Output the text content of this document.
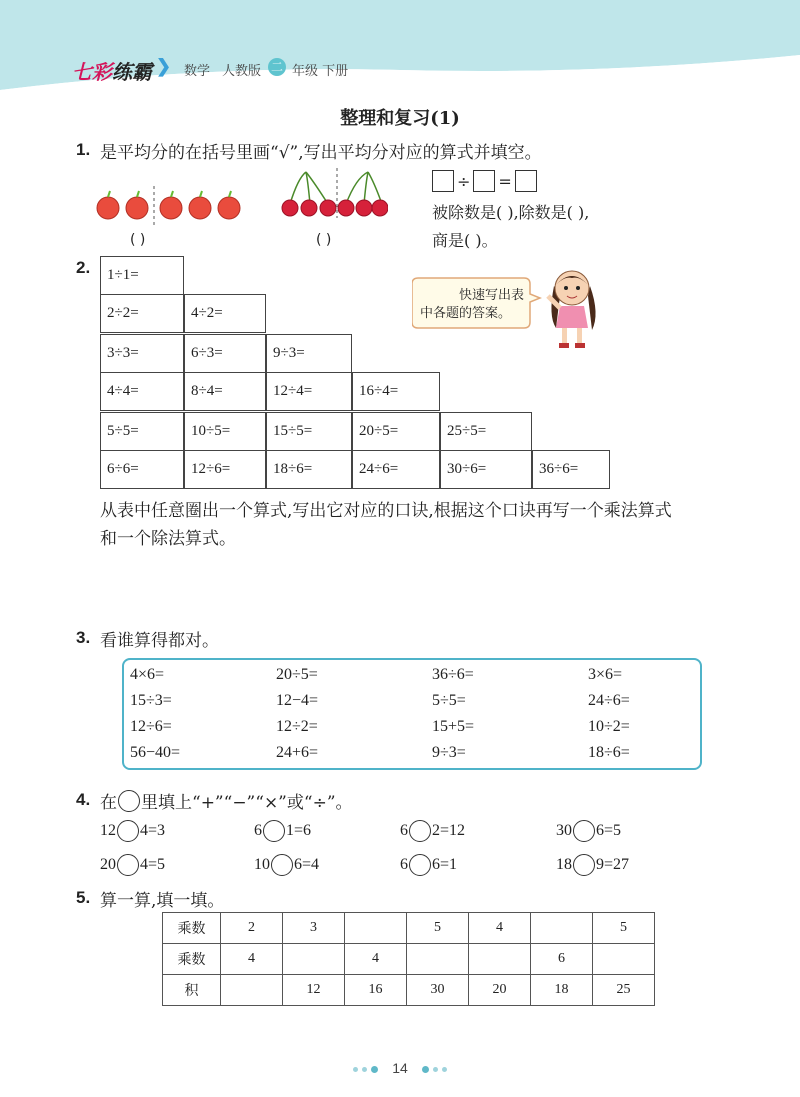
七彩练霸 ❯ 数学 人教版 二 年级 下册
整理和复习(1)
1. 是平均分的在括号里画“√”,写出平均分对应的算式并填空。
( )	( )
÷ =
被除数是( ),除数是( ),
商是( )。
2.	1÷1=
2÷2=	4÷2=
3÷3=	6÷3=	9÷3=
4÷4=	8÷4=	12÷4=	16÷4=
5÷5=	10÷5=	15÷5=	20÷5=	25÷5=
6÷6=	12÷6=	18÷6=	24÷6=	30÷6=	36÷6=
快速写出表
中各题的答案。
从表中任意圈出一个算式,写出它对应的口诀,根据这个口诀再写一个乘法算式
和一个除法算式。
3. 看谁算得都对。
4×6=	20÷5=	36÷6=	3×6=
15÷3=	12−4=	5÷5=	24÷6=
12÷6=	12÷2=	15+5=	10÷2=
56−40=	24+6=	9÷3=	18÷6=
4. 在 里填上“+”“−”“×”或“÷”。
12 4=3	6 1=6	6 2=12	30 6=5
20 4=5	10 6=4	6 6=1	18 9=27
5. 算一算,填一填。
乘数	2	3		5	4		5
乘数	4		4			6	
积		12	16	30	20	18	25
14
